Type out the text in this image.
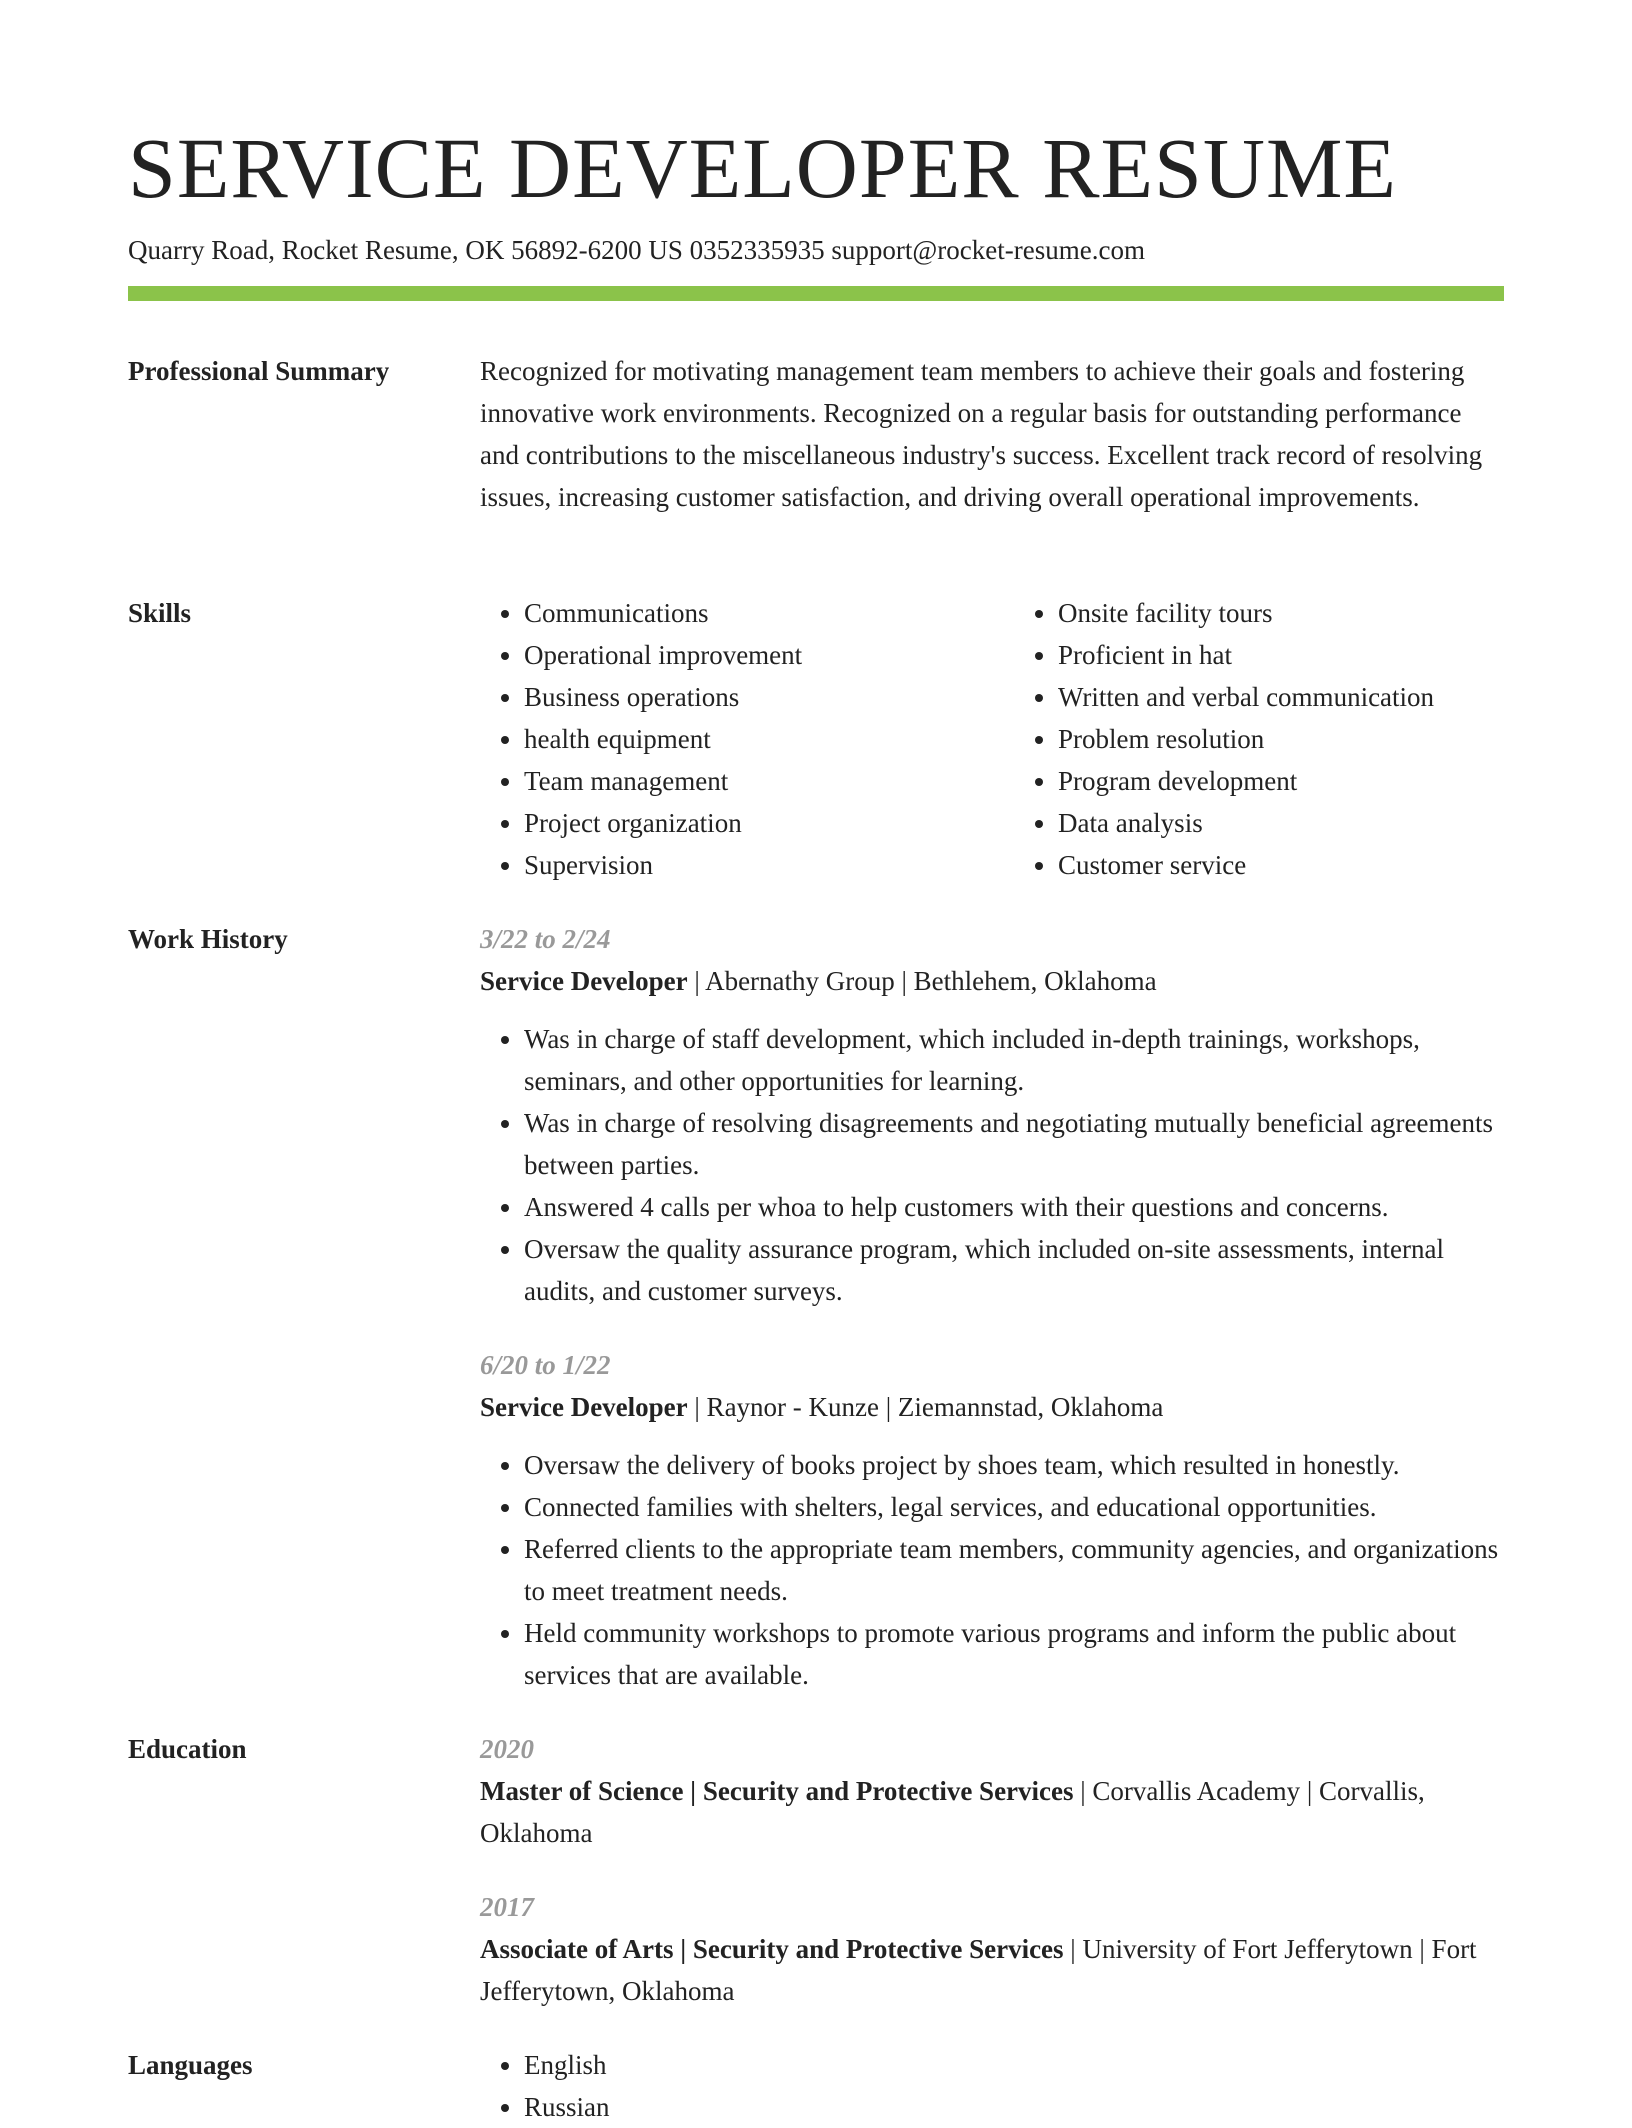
SERVICE DEVELOPER RESUME
Quarry Road, Rocket Resume, OK 56892-6200 US 0352335935 support@rocket-resume.com
Professional Summary	Recognized for motivating management team members to achieve their goals and fostering innovative work environments. Recognized on a regular basis for outstanding performance and contributions to the miscellaneous industry's success. Excellent track record of resolving issues, increasing customer satisfaction, and driving overall operational improvements.

Skills	• Communications
• Operational improvement
• Business operations
• health equipment
• Team management
• Project organization
• Supervision
• Onsite facility tours
• Proficient in hat
• Written and verbal communication
• Problem resolution
• Program development
• Data analysis
• Customer service
Work History	3/22 to 2/24
Service Developer | Abernathy Group | Bethlehem, Oklahoma
• Was in charge of staff development, which included in-depth trainings, workshops, seminars, and other opportunities for learning.
• Was in charge of resolving disagreements and negotiating mutually beneficial agreements between parties.
• Answered 4 calls per whoa to help customers with their questions and concerns.
• Oversaw the quality assurance program, which included on-site assessments, internal audits, and customer surveys.
6/20 to 1/22
Service Developer | Raynor - Kunze | Ziemannstad, Oklahoma
• Oversaw the delivery of books project by shoes team, which resulted in honestly.
• Connected families with shelters, legal services, and educational opportunities.
• Referred clients to the appropriate team members, community agencies, and organizations to meet treatment needs.
• Held community workshops to promote various programs and inform the public about services that are available.
Education	2020
Master of Science | Security and Protective Services | Corvallis Academy | Corvallis, Oklahoma
2017
Associate of Arts | Security and Protective Services | University of Fort Jefferytown | Fort Jefferytown, Oklahoma
Languages	• English
• Russian
